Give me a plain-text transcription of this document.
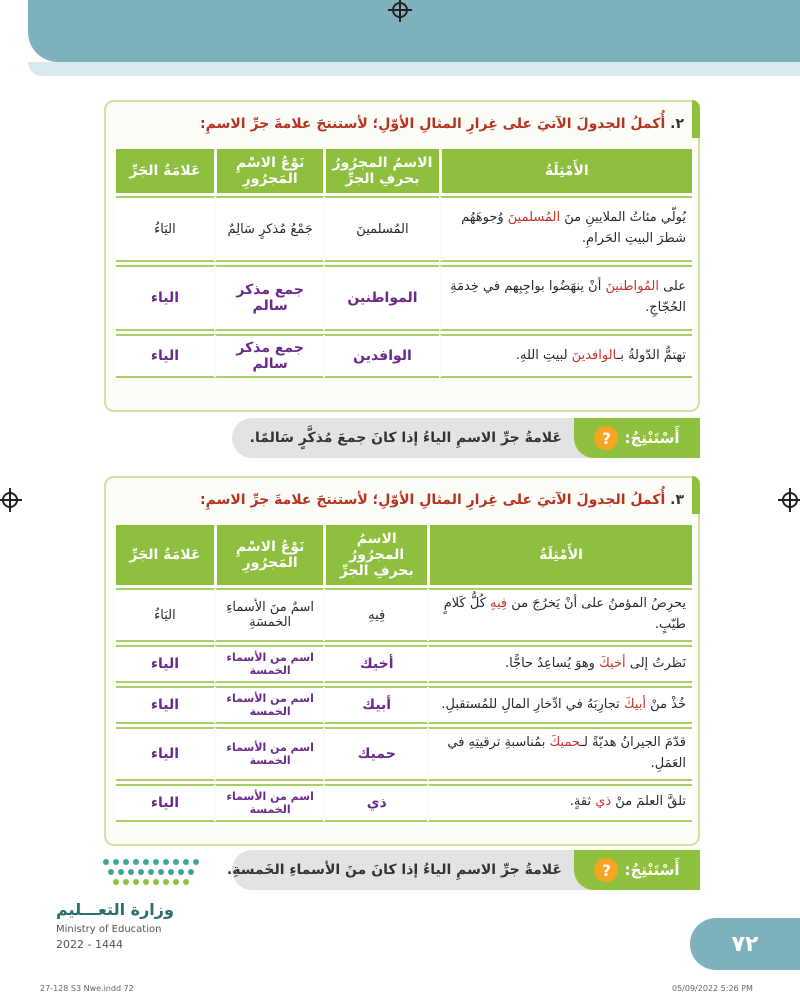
٢. أُكملُ الجدولَ الآتيَ على غِرارِ المثالِ الأوّلِ؛ لأستنتجَ علامةَ جرِّ الاسمِ:
الأَمْثِلَةُ	الاسمُ المجرُورُ بحرفِ الجرِّ	نَوْعُ الاسْمِ المَجرُورِ	عَلامَةُ الجَرِّ
يُولّي مئاتُ الملايينِ منَ المُسلمينَ وُجوهَهُم شطرَ البيتِ الحَرامِ.	المُسلمينَ	جَمْعُ مُذكرٍ سَالِمٌ	اليَاءُ
على المُواطنينَ أنْ ينهَضُوا بواجِبِهم في خِدمَةِ الحُجّاجِ.	المواطنين	جمع مذكر سالم	الياء
تهتمُّ الدّولةُ بـالوافدينَ لبيتِ اللهِ.	الوافدين	جمع مذكر سالم	الياء
أَسْتَنْتِجُ:
?
عَلامةُ جرِّ الاسمِ الياءُ إذا كانَ جمعَ مُذكَّرٍ سَالمًا.
٣. أُكملُ الجدولَ الآتيَ على غِرارِ المثالِ الأوّلِ؛ لأستنتجَ علامةَ جرِّ الاسمِ:
الأَمْثِلَةُ	الاسمُ المجرُورُ بحرفِ الجرِّ	نَوْعُ الاسْمِ المَجرُورِ	عَلامَةُ الجَرِّ
يحرِصُ المؤمنُ على أنْ يَخرُجَ من فِيهِ كُلُّ كَلامٍ طيّبٍ.	فِيهِ	اسمٌ منَ الأسماءِ الخمسَةِ	اليَاءُ
نَظرتُ إلى أخيكَ وهوَ يُساعِدُ حاجًّا.	أخيك	اسم من الأسماء الخمسة	الياء
خُذْ منْ أبيكَ تجارِبَهُ في ادِّخارِ المالِ للمُستقبلِ.	أبيك	اسم من الأسماء الخمسة	الياء
قدّمَ الجيرانُ هديّةً لـحميكَ بمُناسبةِ ترقيتِهِ في العَمَلِ.	حميك	اسم من الأسماء الخمسة	الياء
تلقَّ العلمَ منْ ذي ثقةٍ.	ذي	اسم من الأسماء الخمسة	الياء
أَسْتَنْتِجُ:
?
عَلامةُ جرِّ الاسمِ الياءُ إذا كانَ منَ الأسماءِ الخَمسةِ.
وزارة التعـــليم
Ministry of Education
2022 - 1444	٧٢
27-128 S3 Nwe.indd 72	05/09/2022 5:26 PM
